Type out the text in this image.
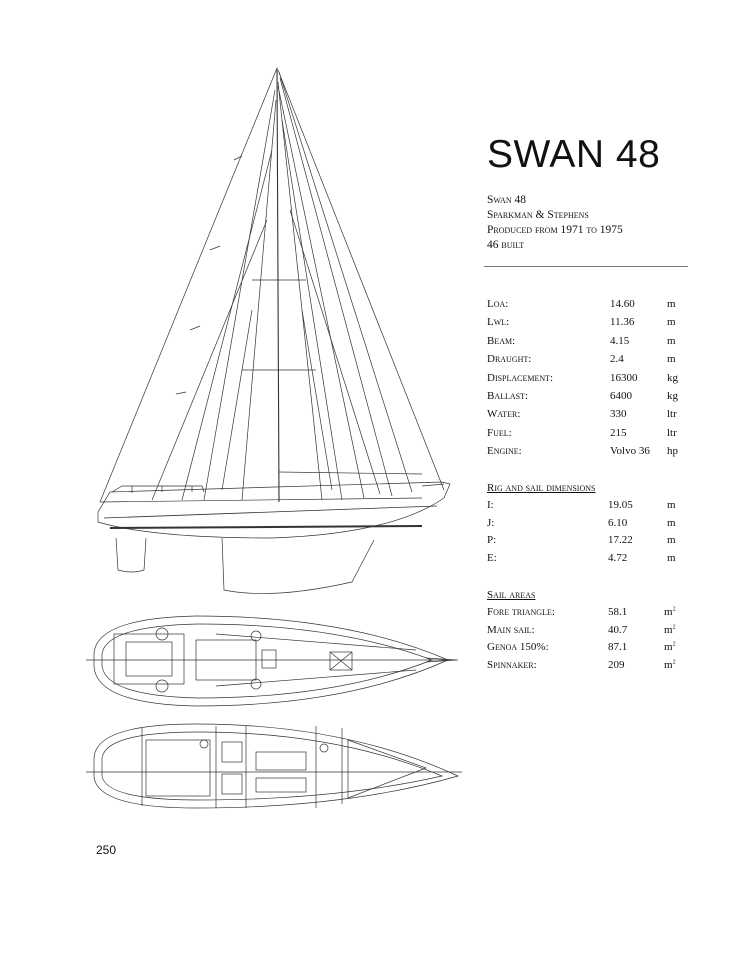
SWAN 48
Swan 48
Sparkman & Stephens
Produced from 1971 to 1975
46 built
Loa:	14.60	m
Lwl:	11.36	m
Beam:	4.15	m
Draught:	2.4	m
Displacement:	16300	kg
Ballast:	6400	kg
Water:	330	ltr
Fuel:	215	ltr
Engine:	Volvo 36 hp
Rig and sail dimensions
I:	19.05	m
J:	6.10	m
P:	17.22	m
E:	4.72	m
Sail areas
Fore triangle:	58.1	$m^2$
Main sail:	40.7	$m^2$
Genoa 150%:	87.1	$m^2$
Spinnaker:	209	$m^2$
250
